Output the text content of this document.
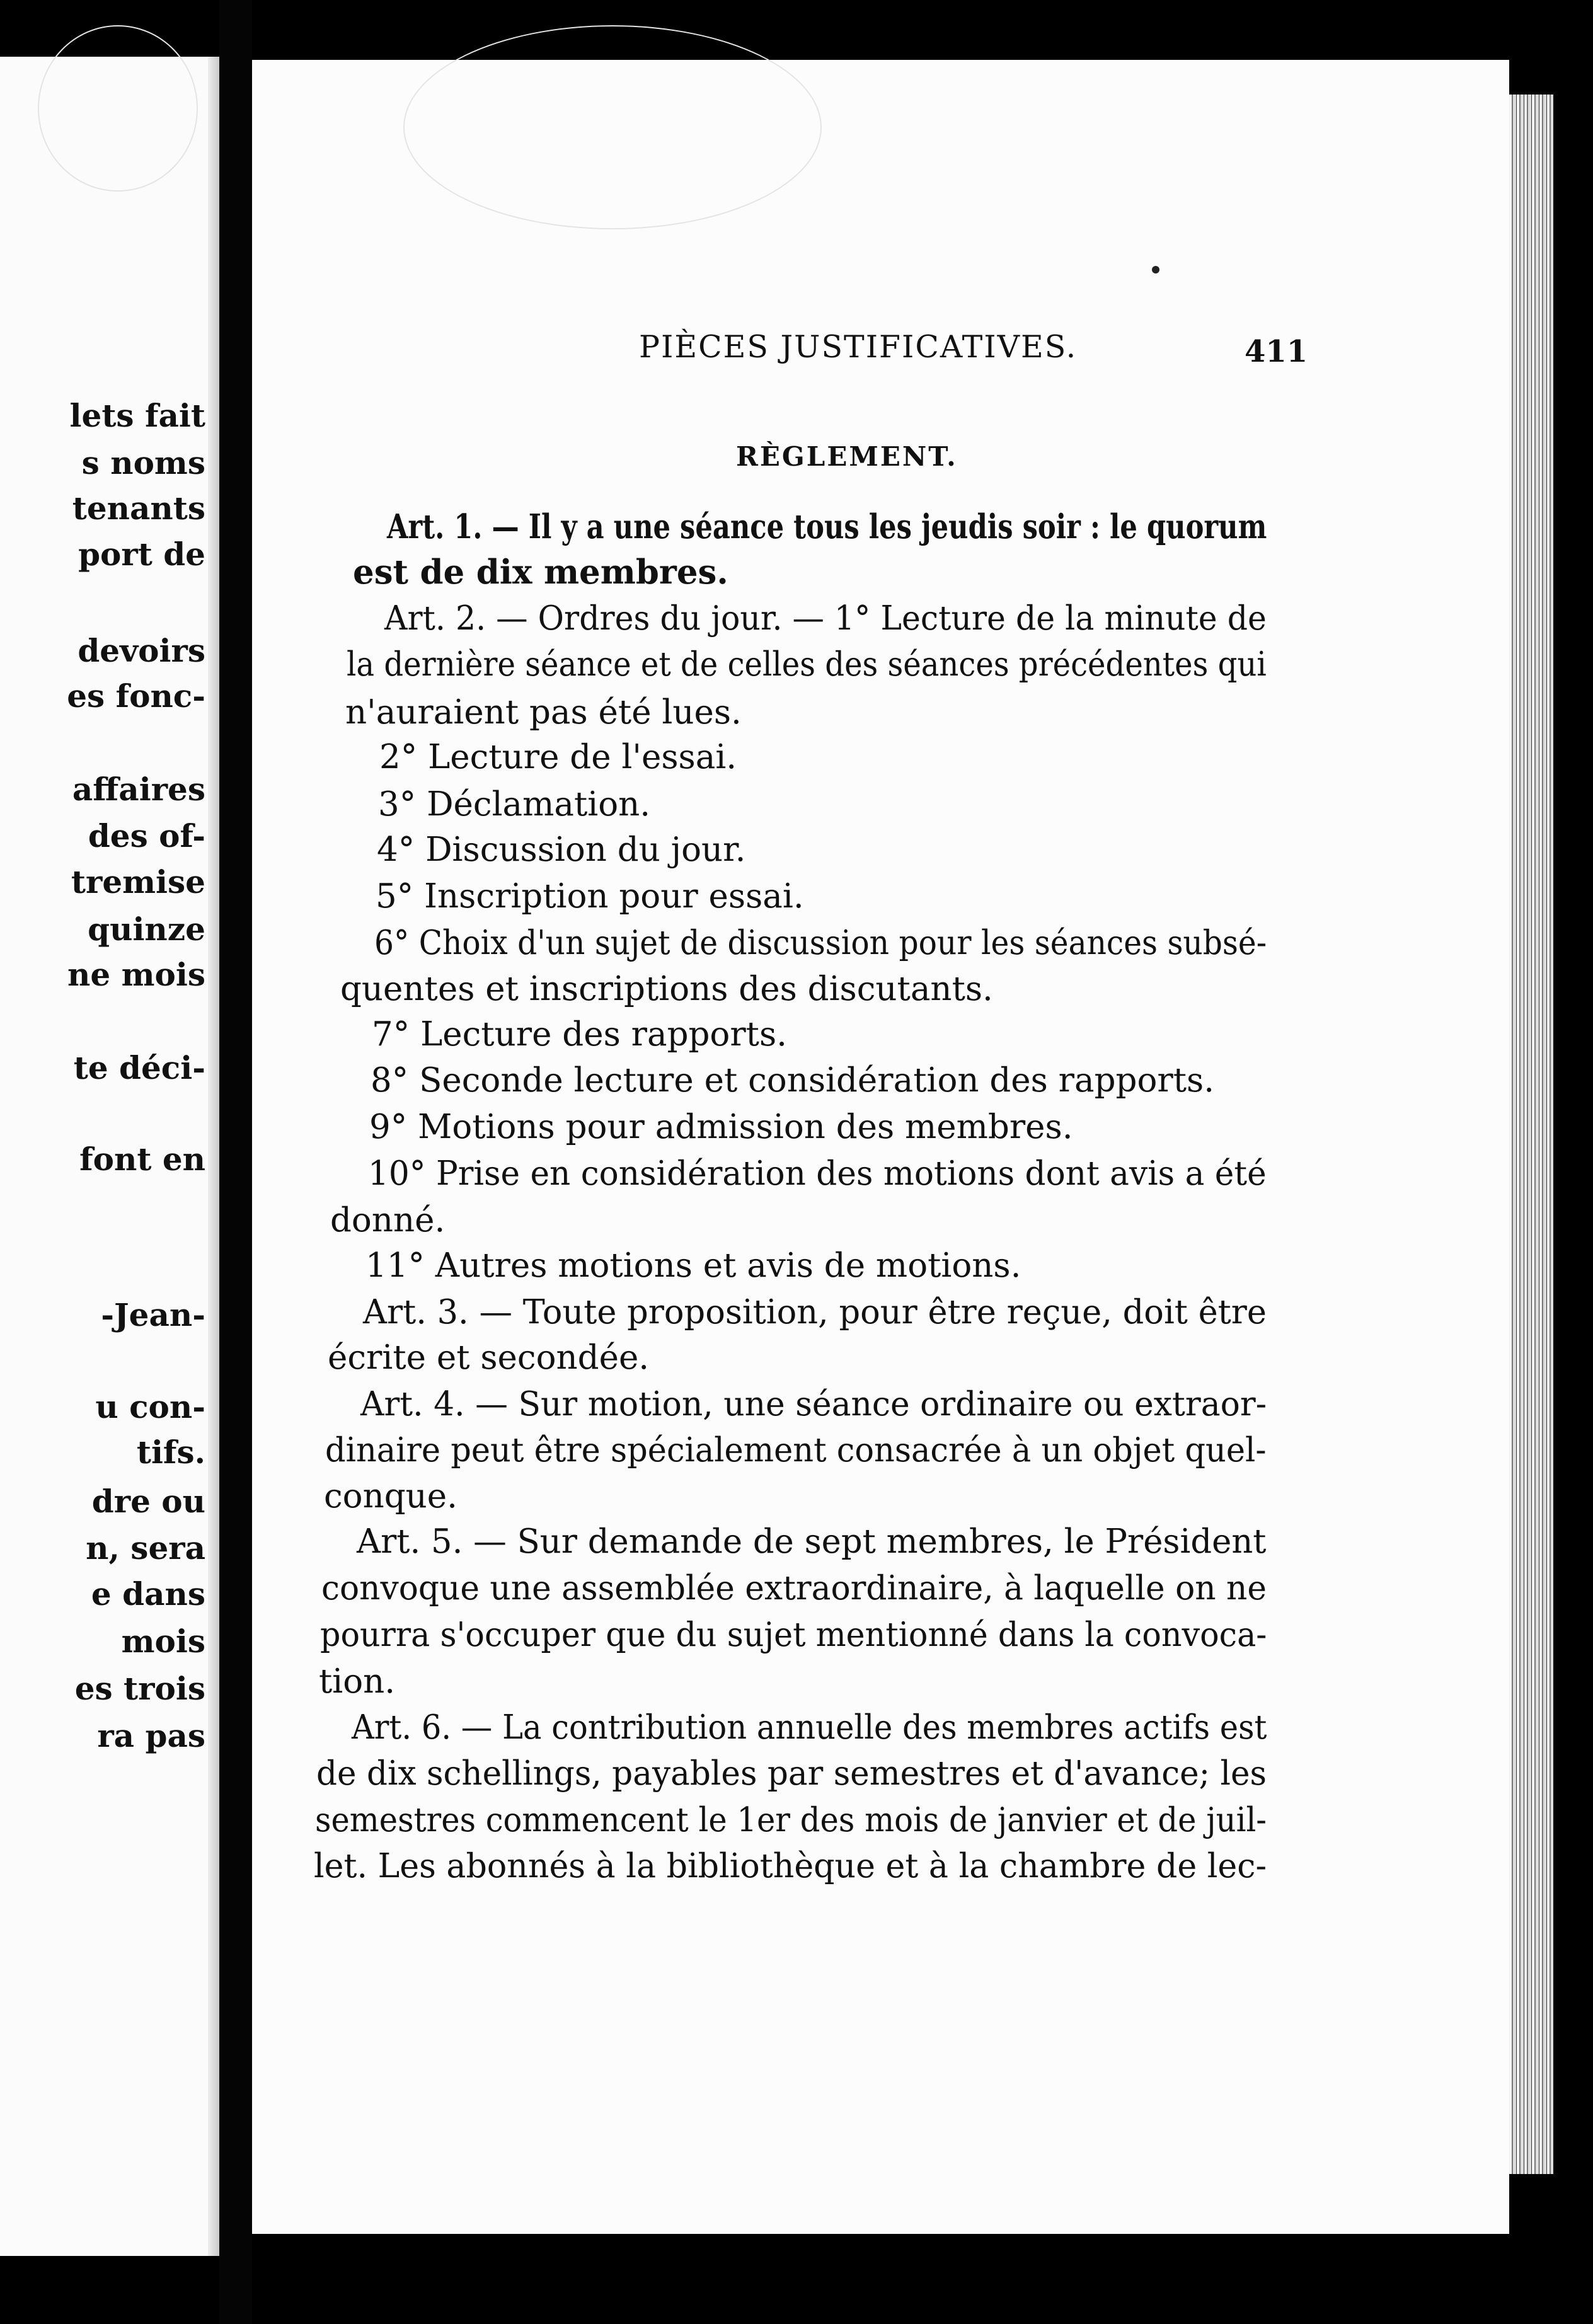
lets fait

s noms

tenants

port de

devoirs

es fonc-

affaires

des of-

tremise

quinze

ne mois

te déci-

font en

-Jean-

u con-

tifs.

dre ou

n, sera

e dans

mois

es trois

ra pas

PIÈCES JUSTIFICATIVES.	411
RÈGLEMENT.

Art. 1. — Il y a une séance tous les jeudis soir : le quorum

est de dix membres.

Art. 2. — Ordres du jour. — 1° Lecture de la minute de

la dernière séance et de celles des séances précédentes qui

n'auraient pas été lues.

2° Lecture de l'essai.

3° Déclamation.

4° Discussion du jour.

5° Inscription pour essai.

6° Choix d'un sujet de discussion pour les séances subsé-

quentes et inscriptions des discutants.

7° Lecture des rapports.

8° Seconde lecture et considération des rapports.

9° Motions pour admission des membres.

10° Prise en considération des motions dont avis a été

donné.

11° Autres motions et avis de motions.

Art. 3. — Toute proposition, pour être reçue, doit être

écrite et secondée.

Art. 4. — Sur motion, une séance ordinaire ou extraor-

dinaire peut être spécialement consacrée à un objet quel-

conque.

Art. 5. — Sur demande de sept membres, le Président

convoque une assemblée extraordinaire, à laquelle on ne

pourra s'occuper que du sujet mentionné dans la convoca-

tion.

Art. 6. — La contribution annuelle des membres actifs est

de dix schellings, payables par semestres et d'avance; les

semestres commencent le 1er des mois de janvier et de juil-

let. Les abonnés à la bibliothèque et à la chambre de lec-
